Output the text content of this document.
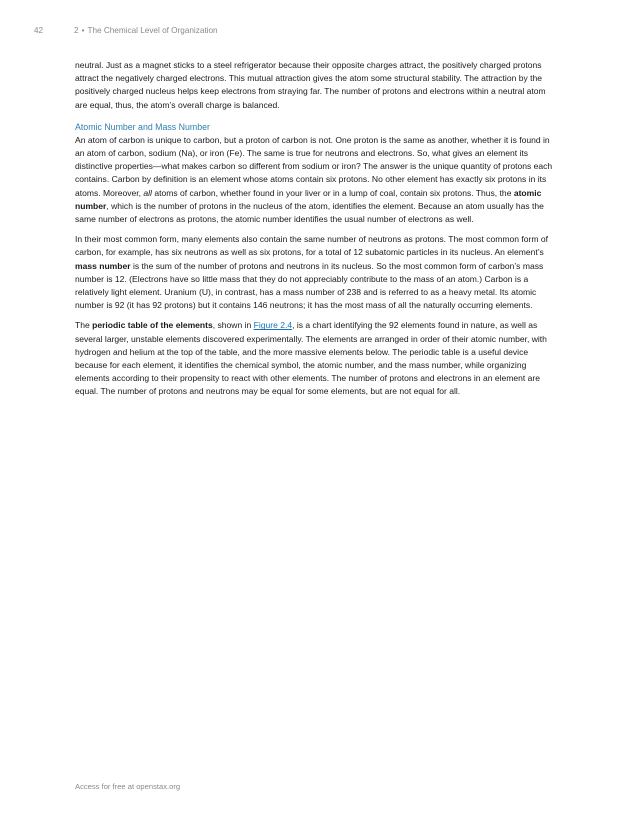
42	2 • The Chemical Level of Organization

neutral. Just as a magnet sticks to a steel refrigerator because their opposite charges attract, the positively charged protons attract the negatively charged electrons. This mutual attraction gives the atom some structural stability. The attraction by the positively charged nucleus helps keep electrons from straying far. The number of protons and electrons within a neutral atom are equal, thus, the atom’s overall charge is balanced.

Atomic Number and Mass Number

An atom of carbon is unique to carbon, but a proton of carbon is not. One proton is the same as another, whether it is found in an atom of carbon, sodium (Na), or iron (Fe). The same is true for neutrons and electrons. So, what gives an element its distinctive properties—what makes carbon so different from sodium or iron? The answer is the unique quantity of protons each contains. Carbon by definition is an element whose atoms contain six protons. No other element has exactly six protons in its atoms. Moreover, all atoms of carbon, whether found in your liver or in a lump of coal, contain six protons. Thus, the atomic number, which is the number of protons in the nucleus of the atom, identifies the element. Because an atom usually has the same number of electrons as protons, the atomic number identifies the usual number of electrons as well.

In their most common form, many elements also contain the same number of neutrons as protons. The most common form of carbon, for example, has six neutrons as well as six protons, for a total of 12 subatomic particles in its nucleus. An element’s mass number is the sum of the number of protons and neutrons in its nucleus. So the most common form of carbon’s mass number is 12. (Electrons have so little mass that they do not appreciably contribute to the mass of an atom.) Carbon is a relatively light element. Uranium (U), in contrast, has a mass number of 238 and is referred to as a heavy metal. Its atomic number is 92 (it has 92 protons) but it contains 146 neutrons; it has the most mass of all the naturally occurring elements.

The periodic table of the elements, shown in Figure 2.4, is a chart identifying the 92 elements found in nature, as well as several larger, unstable elements discovered experimentally. The elements are arranged in order of their atomic number, with hydrogen and helium at the top of the table, and the more massive elements below. The periodic table is a useful device because for each element, it identifies the chemical symbol, the atomic number, and the mass number, while organizing elements according to their propensity to react with other elements. The number of protons and electrons in an element are equal. The number of protons and neutrons may be equal for some elements, but are not equal for all.

Access for free at openstax.org
